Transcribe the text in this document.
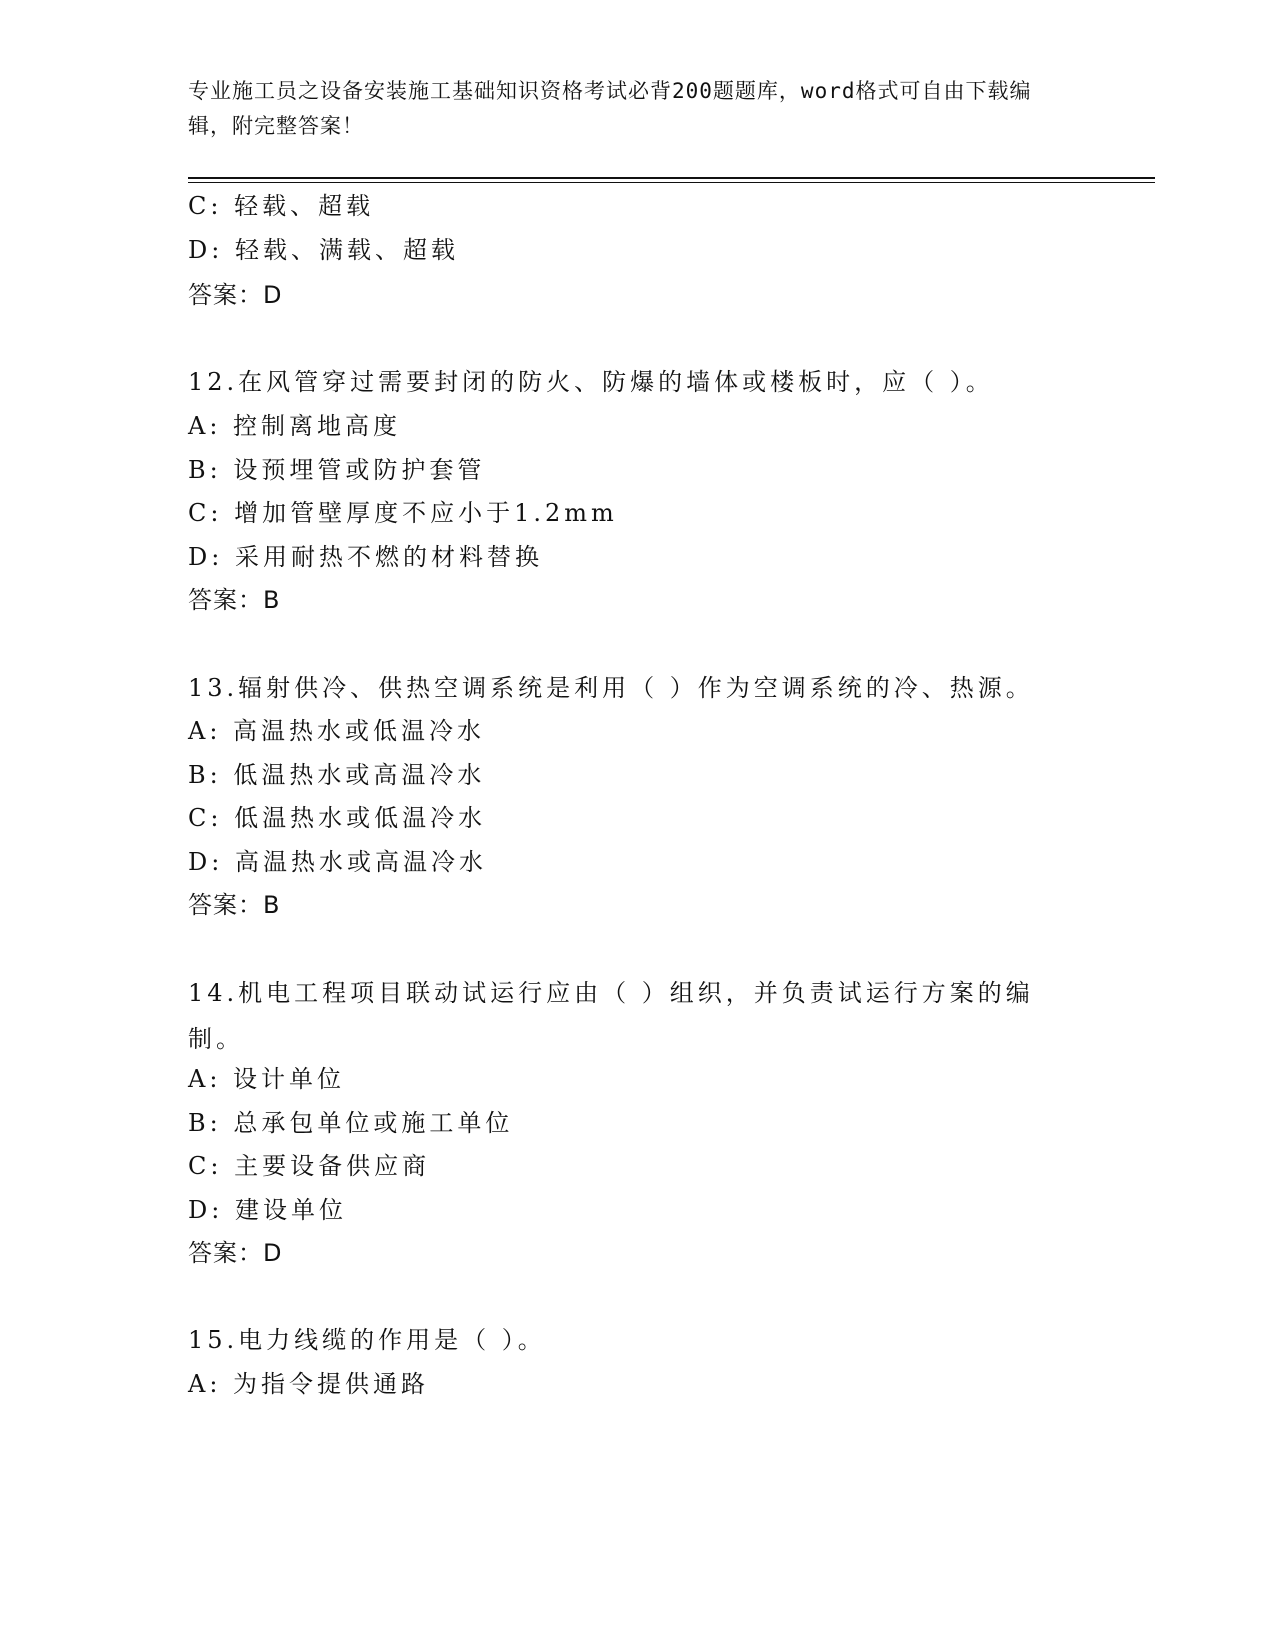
专业施工员之设备安装施工基础知识资格考试必背200题题库，word格式可自由下载编辑，附完整答案！
C: 轻载、超载
D: 轻载、满载、超载
答案：D
12.在风管穿过需要封闭的防火、防爆的墙体或楼板时，应（ ）。
A: 控制离地高度
B: 设预埋管或防护套管
C: 增加管壁厚度不应小于1.2mm
D: 采用耐热不燃的材料替换
答案：B
13.辐射供冷、供热空调系统是利用（ ）作为空调系统的冷、热源。
A: 高温热水或低温冷水
B: 低温热水或高温冷水
C: 低温热水或低温冷水
D: 高温热水或高温冷水
答案：B
14.机电工程项目联动试运行应由（ ）组织，并负责试运行方案的编制。
A: 设计单位
B: 总承包单位或施工单位
C: 主要设备供应商
D: 建设单位
答案：D
15.电力线缆的作用是（ ）。
A: 为指令提供通路
